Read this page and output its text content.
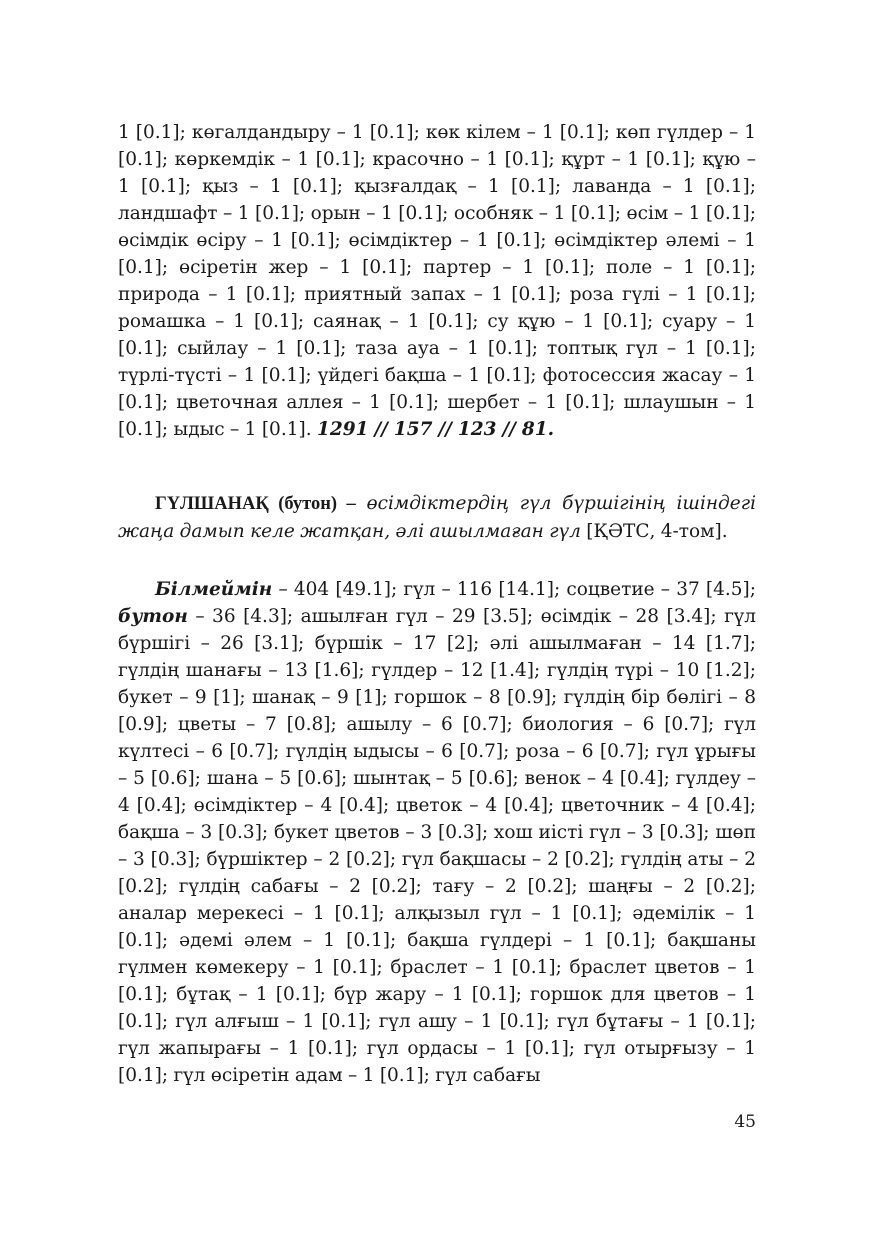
1 [0.1]; көгалдандыру – 1 [0.1]; көк кілем – 1 [0.1]; көп гүлдер – 1 [0.1]; көркемдік – 1 [0.1]; красочно – 1 [0.1]; құрт – 1 [0.1]; құю – 1 [0.1]; қыз – 1 [0.1]; қызғалдақ – 1 [0.1]; лаванда – 1 [0.1]; ландшафт – 1 [0.1]; орын – 1 [0.1]; особняк – 1 [0.1]; өсім – 1 [0.1]; өсімдік өсіру – 1 [0.1]; өсімдіктер – 1 [0.1]; өсімдіктер әлемі – 1 [0.1]; өсіретін жер – 1 [0.1]; партер – 1 [0.1]; поле – 1 [0.1]; природа – 1 [0.1]; приятный запах – 1 [0.1]; роза гүлі – 1 [0.1]; ромашка – 1 [0.1]; саянақ – 1 [0.1]; су құю – 1 [0.1]; суару – 1 [0.1]; сыйлау – 1 [0.1]; таза ауа – 1 [0.1]; топтық гүл – 1 [0.1]; түрлі-түсті – 1 [0.1]; үйдегі бақша – 1 [0.1]; фотосессия жасау – 1 [0.1]; цветочная аллея – 1 [0.1]; шербет – 1 [0.1]; шлаушын – 1 [0.1]; ыдыс – 1 [0.1]. 1291 // 157 // 123 // 81.
ГҮЛШАНАҚ (бутон) – өсімдіктердің гүл бүршігінің ішіндегі жаңа дамып келе жатқан, әлі ашылмаған гүл [ҚӘТС, 4-том].
Білмеймін – 404 [49.1]; гүл – 116 [14.1]; соцветие – 37 [4.5]; бутон – 36 [4.3]; ашылған гүл – 29 [3.5]; өсімдік – 28 [3.4]; гүл бүршігі – 26 [3.1]; бүршік – 17 [2]; әлі ашылмаған – 14 [1.7]; гүлдің шанағы – 13 [1.6]; гүлдер – 12 [1.4]; гүлдің түрі – 10 [1.2]; букет – 9 [1]; шанақ – 9 [1]; горшок – 8 [0.9]; гүлдің бір бөлігі – 8 [0.9]; цветы – 7 [0.8]; ашылу – 6 [0.7]; биология – 6 [0.7]; гүл күлтесі – 6 [0.7]; гүлдің ыдысы – 6 [0.7]; роза – 6 [0.7]; гүл ұрығы – 5 [0.6]; шана – 5 [0.6]; шынтақ – 5 [0.6]; венок – 4 [0.4]; гүлдеу – 4 [0.4]; өсімдіктер – 4 [0.4]; цветок – 4 [0.4]; цветочник – 4 [0.4]; бақша – 3 [0.3]; букет цветов – 3 [0.3]; хош иісті гүл – 3 [0.3]; шөп – 3 [0.3]; бүршіктер – 2 [0.2]; гүл бақшасы – 2 [0.2]; гүлдің аты – 2 [0.2]; гүлдің сабағы – 2 [0.2]; тағу – 2 [0.2]; шаңғы – 2 [0.2]; аналар мерекесі – 1 [0.1]; алқызыл гүл – 1 [0.1]; әдемілік – 1 [0.1]; әдемі әлем – 1 [0.1]; бақша гүлдері – 1 [0.1]; бақшаны гүлмен көмекеру – 1 [0.1]; браслет – 1 [0.1]; браслет цветов – 1 [0.1]; бұтақ – 1 [0.1]; бүр жару – 1 [0.1]; горшок для цветов – 1 [0.1]; гүл алғыш – 1 [0.1]; гүл ашу – 1 [0.1]; гүл бұтағы – 1 [0.1]; гүл жапырағы – 1 [0.1]; гүл ордасы – 1 [0.1]; гүл отырғызу – 1 [0.1]; гүл өсіретін адам – 1 [0.1]; гүл сабағы
45
